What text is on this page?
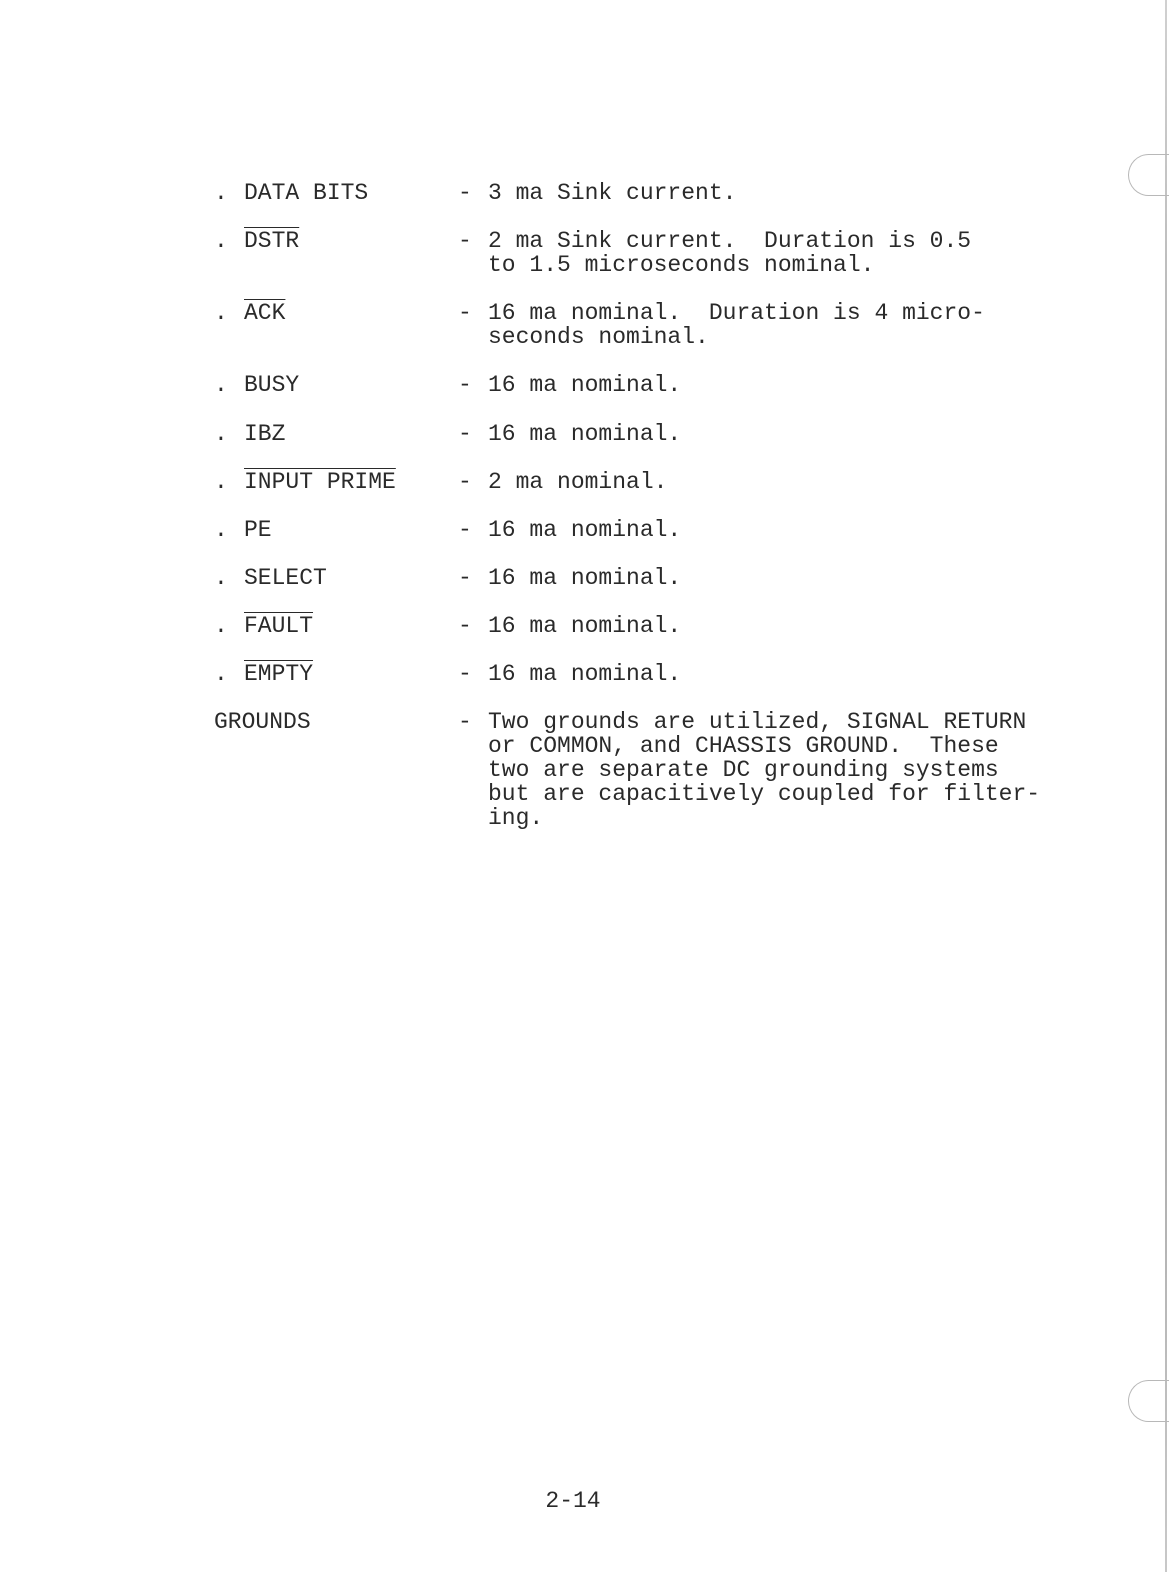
. DATA BITS	- 3 ma Sink current.
. DSTR	- 2 ma Sink current.  Duration is 0.5
to 1.5 microseconds nominal.
. $\overline{ACK}$	- 16 ma nominal.  Duration is 4 micro-
seconds nominal.
. BUSY	- 16 ma nominal.
. IBZ	- 16 ma nominal.
. INPUT PRIME	- 2 ma nominal.
. PE	- 16 ma nominal.
. SELECT	- 16 ma nominal.
. FAULT	- 16 ma nominal.
. EMPTY	- 16 ma nominal.
GROUNDS	- Two grounds are utilized, SIGNAL RETURN
or COMMON, and CHASSIS GROUND.  These
two are separate DC grounding systems
but are capacitively coupled for filter-
ing.
2-14
